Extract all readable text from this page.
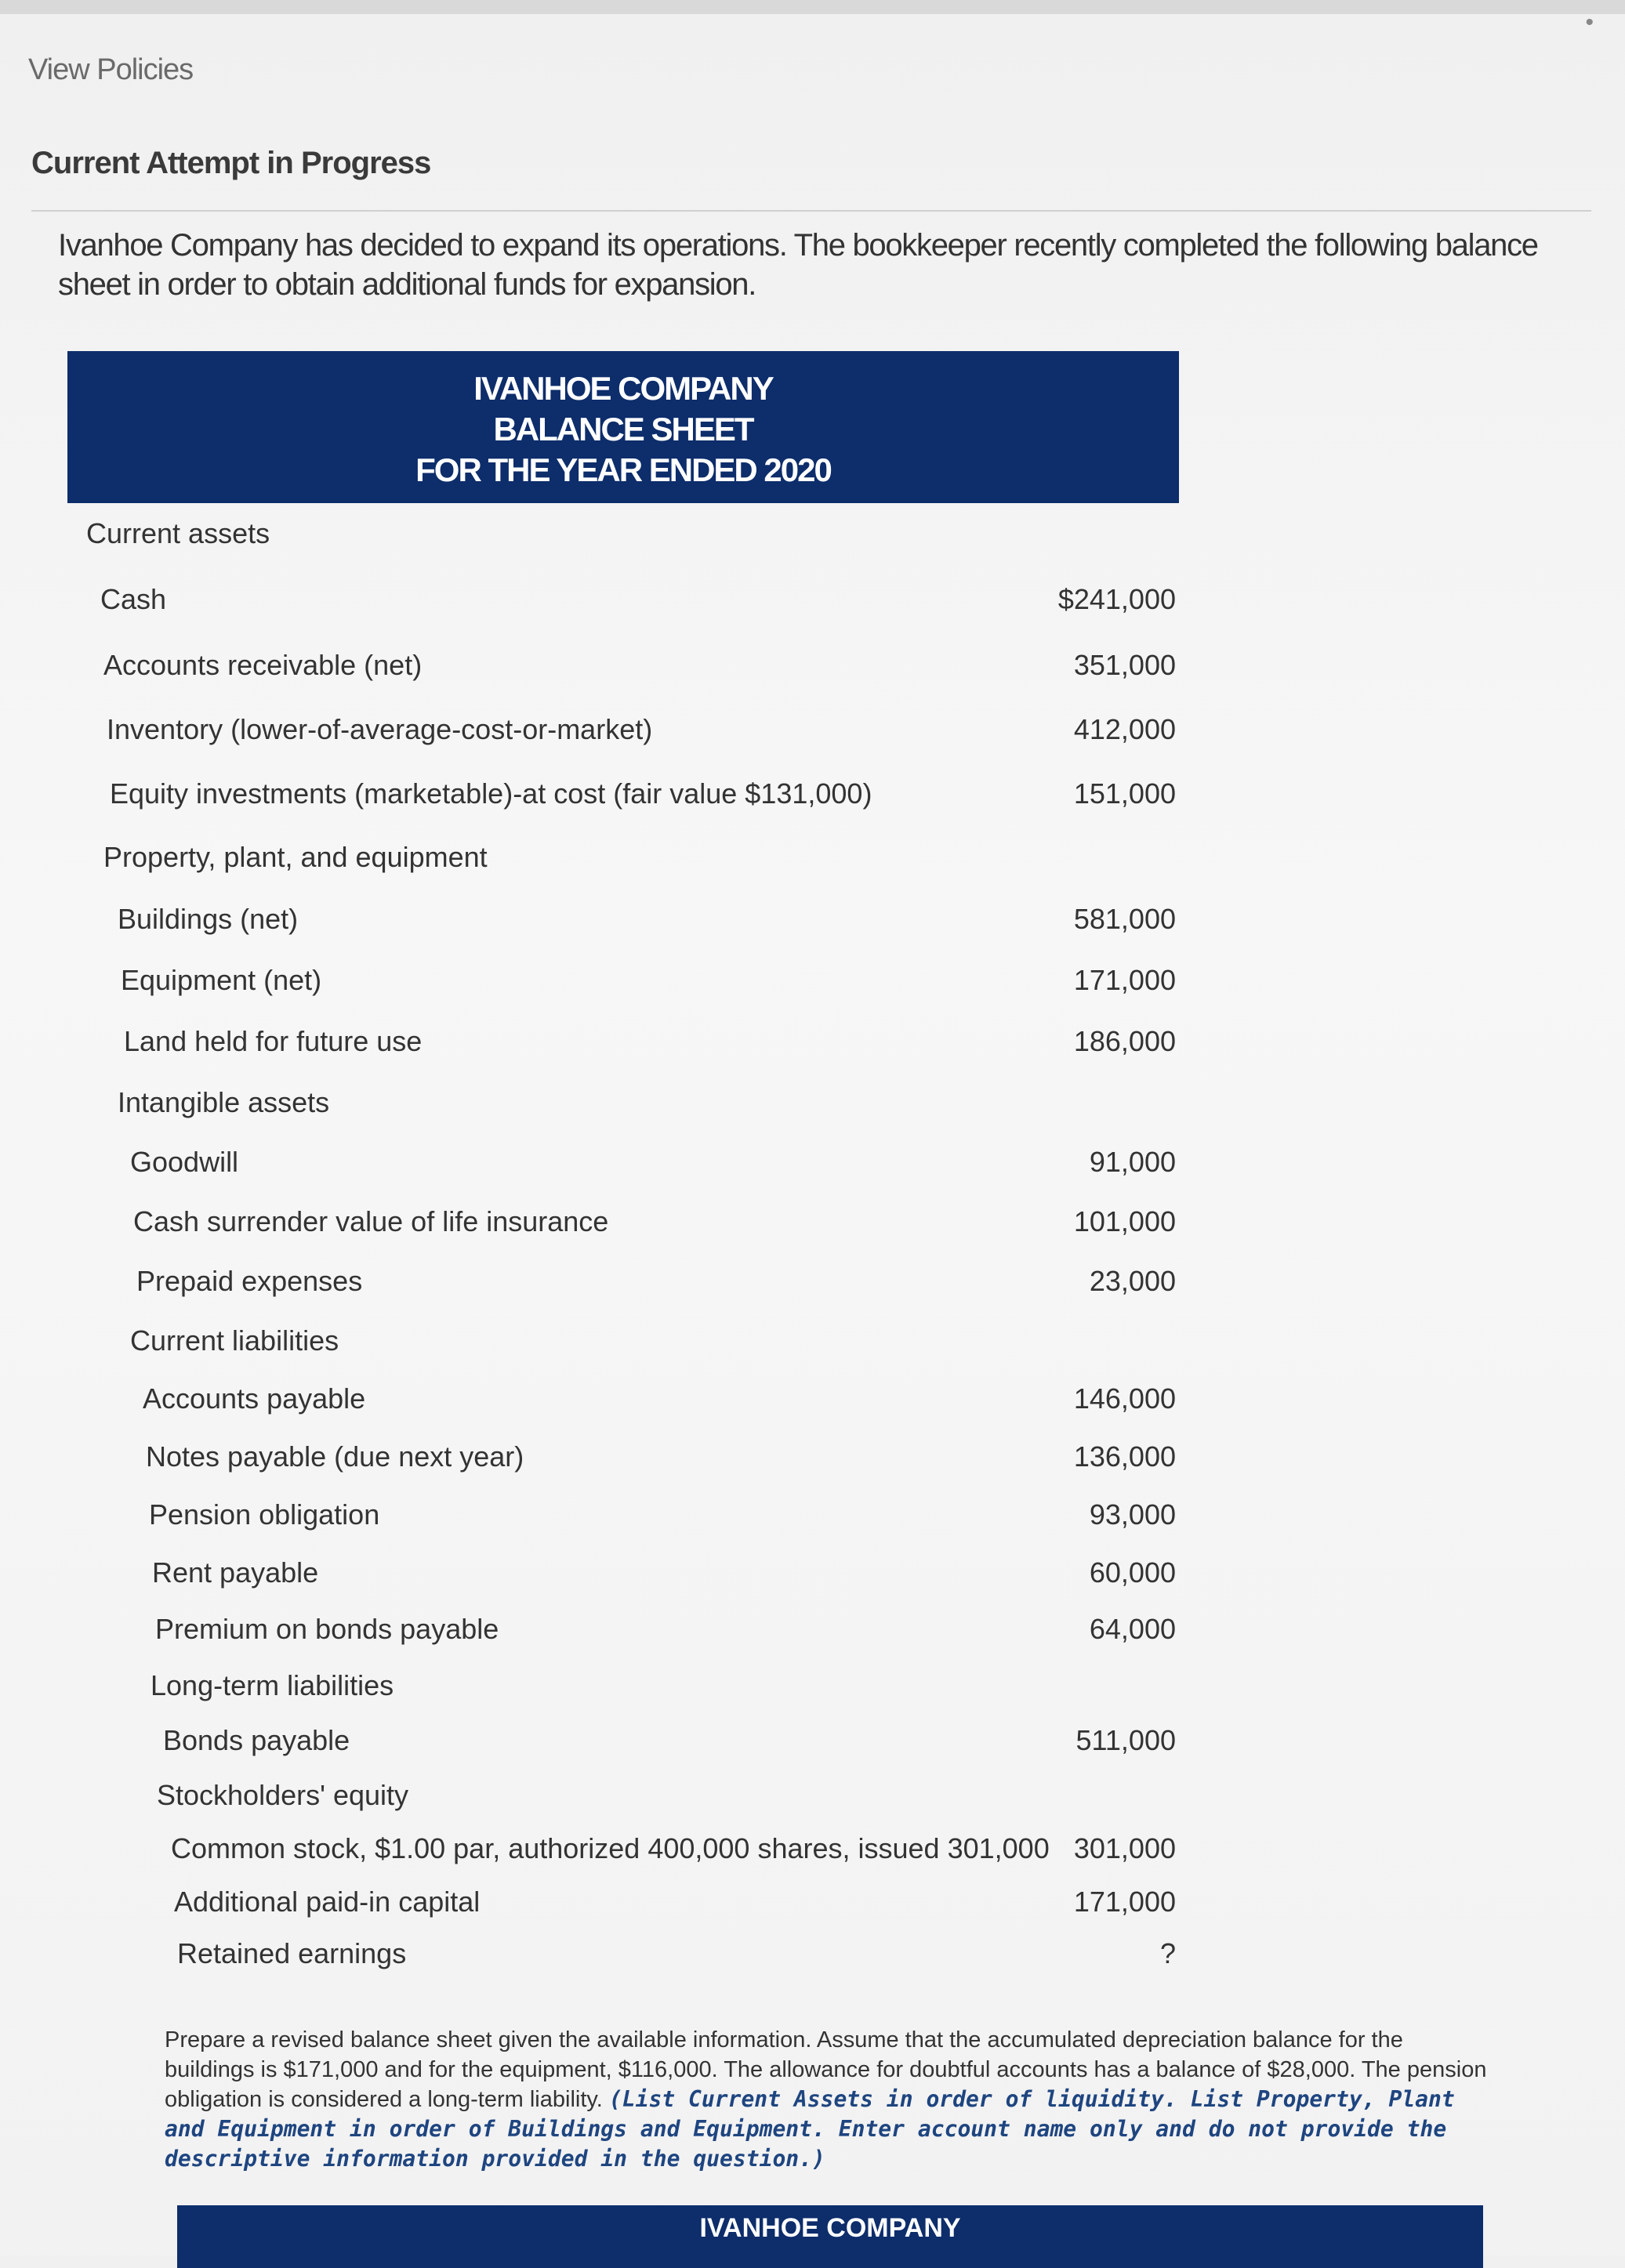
•
View Policies
Current Attempt in Progress
Ivanhoe Company has decided to expand its operations. The bookkeeper recently completed the following balance sheet in order to obtain additional funds for expansion.
IVANHOE COMPANY
BALANCE SHEET
FOR THE YEAR ENDED 2020
Current assets
Cash	$241,000
Accounts receivable (net)	351,000
Inventory (lower-of-average-cost-or-market)	412,000
Equity investments (marketable)-at cost (fair value $131,000)	151,000
Property, plant, and equipment
Buildings (net)	581,000
Equipment (net)	171,000
Land held for future use	186,000
Intangible assets
Goodwill	91,000
Cash surrender value of life insurance	101,000
Prepaid expenses	23,000
Current liabilities
Accounts payable	146,000
Notes payable (due next year)	136,000
Pension obligation	93,000
Rent payable	60,000
Premium on bonds payable	64,000
Long-term liabilities
Bonds payable	511,000
Stockholders' equity
Common stock, $1.00 par, authorized 400,000 shares, issued 301,000 301,000
Additional paid-in capital	171,000
Retained earnings	?
Prepare a revised balance sheet given the available information. Assume that the accumulated depreciation balance for the buildings is $171,000 and for the equipment, $116,000. The allowance for doubtful accounts has a balance of $28,000. The pension obligation is considered a long-term liability. (List Current Assets in order of liquidity. List Property, Plant and Equipment in order of Buildings and Equipment. Enter account name only and do not provide the descriptive information provided in the question.)
IVANHOE COMPANY
